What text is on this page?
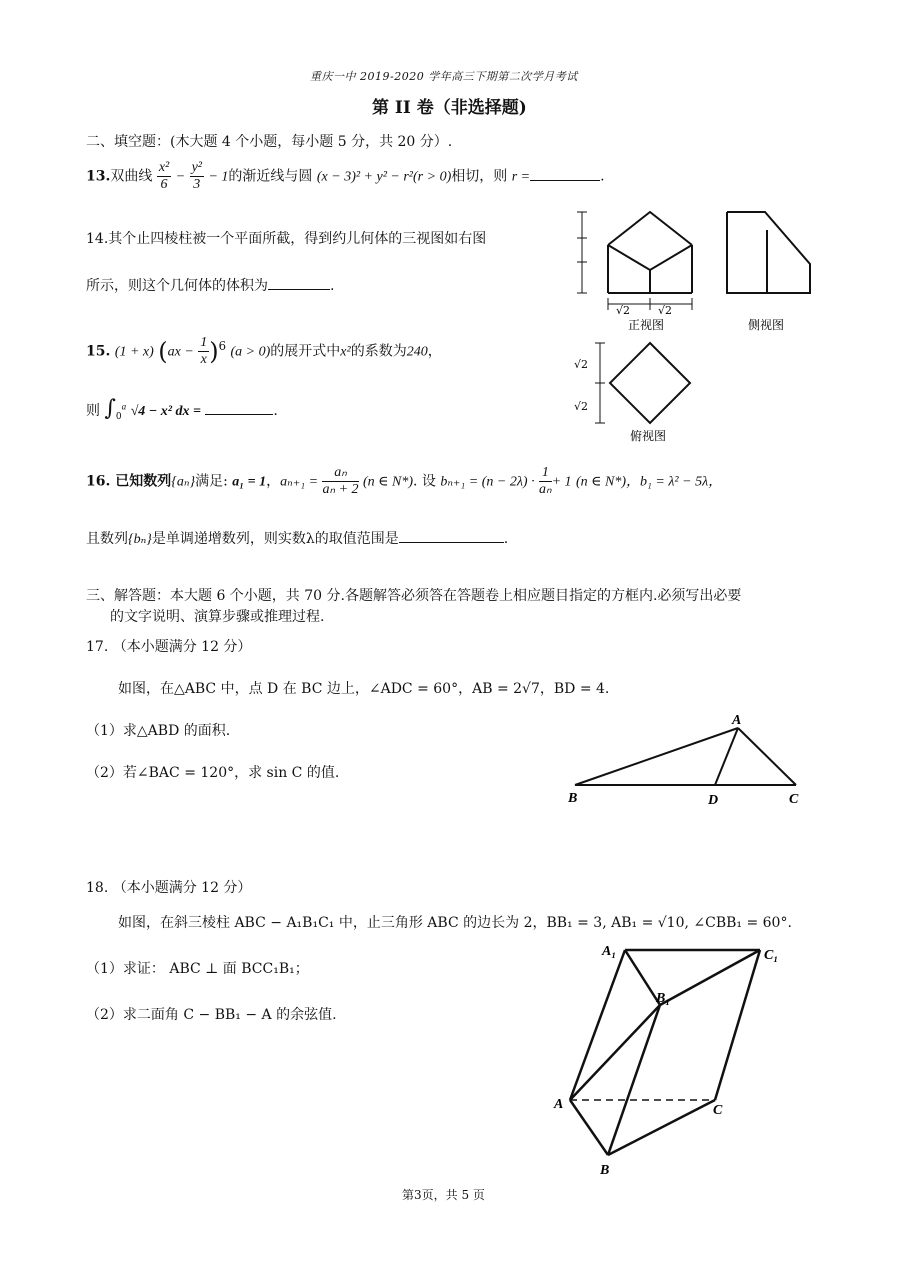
重庆一中 2019-2020 学年高三下期第二次学月考试
第 II 卷（非选择题)
二、填空题：(木大题 4 个小题，每小题 5 分，共 20 分）.
13.双曲线 $\frac{\text{x²}}{6} - \frac{\text{y²}}{3} - 1$的渐近线与圆 (x − 3)² + y² − r²(r > 0)相切，则 r =	.
14.其个止四棱柱被一个平面所截，得到约儿何体的三视图如右图
所示，则这个几何体的体积为	.
√2	√2
√2
√2
正视图	侧视图
俯视图
15. (1 + x) $(ax - \frac{1}{x} )^6$ (a > 0)的展开式中x²的系数为240，
则 $\int_0^a$ √4 − x² dx =	.
16. 已知数列{aₙ}满足: a₁ = 1，$a_{n+1} = \frac{\text{aₙ}}{\text{aₙ + 2}} (n$ ∈ N*). 设 $b_{n+1} = (n - 2\lambda) \cdot \frac{1}{\text{aₙ}} + 1$ (n ∈ N*)，b₁ = λ² − 5λ，
且数列{bₙ}是单调递增数列，则实数λ的取值范围是	.
三、解答题：本大题 6 个小题，共 70 分.各题解答必须答在答题卷上相应题目指定的方框内.必须写出必要
的文字说明、演算步骤或推理过程.
17. （本小题满分 12 分）
如图，在△ABC 中，点 D 在 BC 边上，∠ADC = 60°，AB = 2√7，BD = 4.
（1）求△ABD 的面积.
（2）若∠BAC = 120°，求 sin C 的值.
A
B	D	C
18. （本小题满分 12 分）
如图，在斜三棱柱 ABC − A₁B₁C₁ 中，止三角形 ABC 的边长为 2，BB₁ = 3, AB₁ = √10, ∠CBB₁ = 60°.
（1）求证： ABC ⊥ 面 BCC₁B₁；
（2）求二面角 C − BB₁ − A 的余弦值.
A₁	C₁
B₁
A	C
B
第3页，共 5 页
